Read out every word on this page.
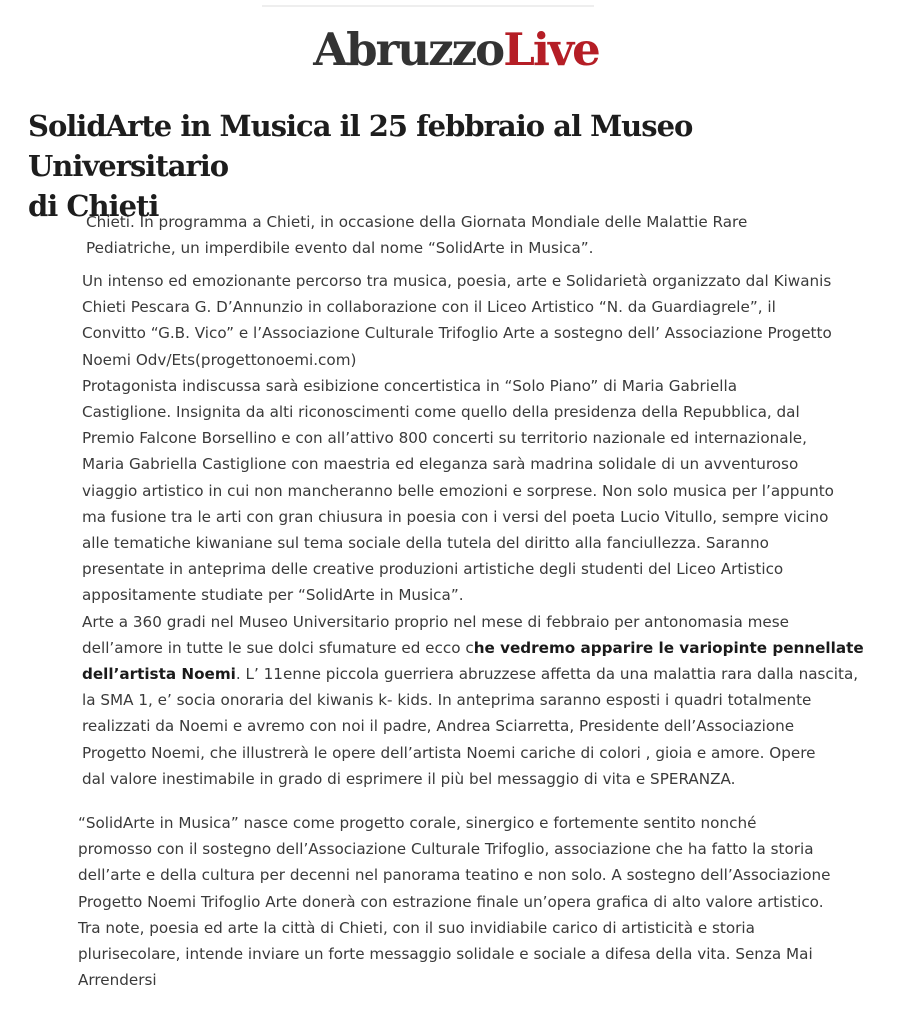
AbruzzoLive
SolidArte in Musica il 25 febbraio al Museo Universitario
di Chieti
Chieti. In programma a Chieti, in occasione della Giornata Mondiale delle Malattie Rare
Pediatriche, un imperdibile evento dal nome “SolidArte in Musica”.
Un intenso ed emozionante percorso tra musica, poesia, arte e Solidarietà organizzato dal Kiwanis
Chieti Pescara G. D’Annunzio in collaborazione con il Liceo Artistico “N. da Guardiagrele”, il
Convitto “G.B. Vico” e l’Associazione Culturale Trifoglio Arte a sostegno dell’ Associazione Progetto
Noemi Odv/Ets(progettonoemi.com)
Protagonista indiscussa sarà esibizione concertistica in “Solo Piano” di Maria Gabriella
Castiglione. Insignita da alti riconoscimenti come quello della presidenza della Repubblica, dal
Premio Falcone Borsellino e con all’attivo 800 concerti su territorio nazionale ed internazionale,
Maria Gabriella Castiglione con maestria ed eleganza sarà madrina solidale di un avventuroso
viaggio artistico in cui non mancheranno belle emozioni e sorprese. Non solo musica per l’appunto
ma fusione tra le arti con gran chiusura in poesia con i versi del poeta Lucio Vitullo, sempre vicino
alle tematiche kiwaniane sul tema sociale della tutela del diritto alla fanciullezza. Saranno
presentate in anteprima delle creative produzioni artistiche degli studenti del Liceo Artistico
appositamente studiate per “SolidArte in Musica”.
Arte a 360 gradi nel Museo Universitario proprio nel mese di febbraio per antonomasia mese
dell’amore in tutte le sue dolci sfumature ed ecco che vedremo apparire le variopinte pennellate
dell’artista Noemi. L’ 11enne piccola guerriera abruzzese affetta da una malattia rara dalla nascita,
la SMA 1, e’ socia onoraria del kiwanis k- kids. In anteprima saranno esposti i quadri totalmente
realizzati da Noemi e avremo con noi il padre, Andrea Sciarretta, Presidente dell’Associazione
Progetto Noemi, che illustrerà le opere dell’artista Noemi cariche di colori , gioia e amore. Opere
dal valore inestimabile in grado di esprimere il più bel messaggio di vita e SPERANZA.
“SolidArte in Musica” nasce come progetto corale, sinergico e fortemente sentito nonché
promosso con il sostegno dell’Associazione Culturale Trifoglio, associazione che ha fatto la storia
dell’arte e della cultura per decenni nel panorama teatino e non solo. A sostegno dell’Associazione
Progetto Noemi Trifoglio Arte donerà con estrazione finale un’opera grafica di alto valore artistico.
Tra note, poesia ed arte la città di Chieti, con il suo invidiabile carico di artisticità e storia
plurisecolare, intende inviare un forte messaggio solidale e sociale a difesa della vita. Senza Mai
Arrendersi
